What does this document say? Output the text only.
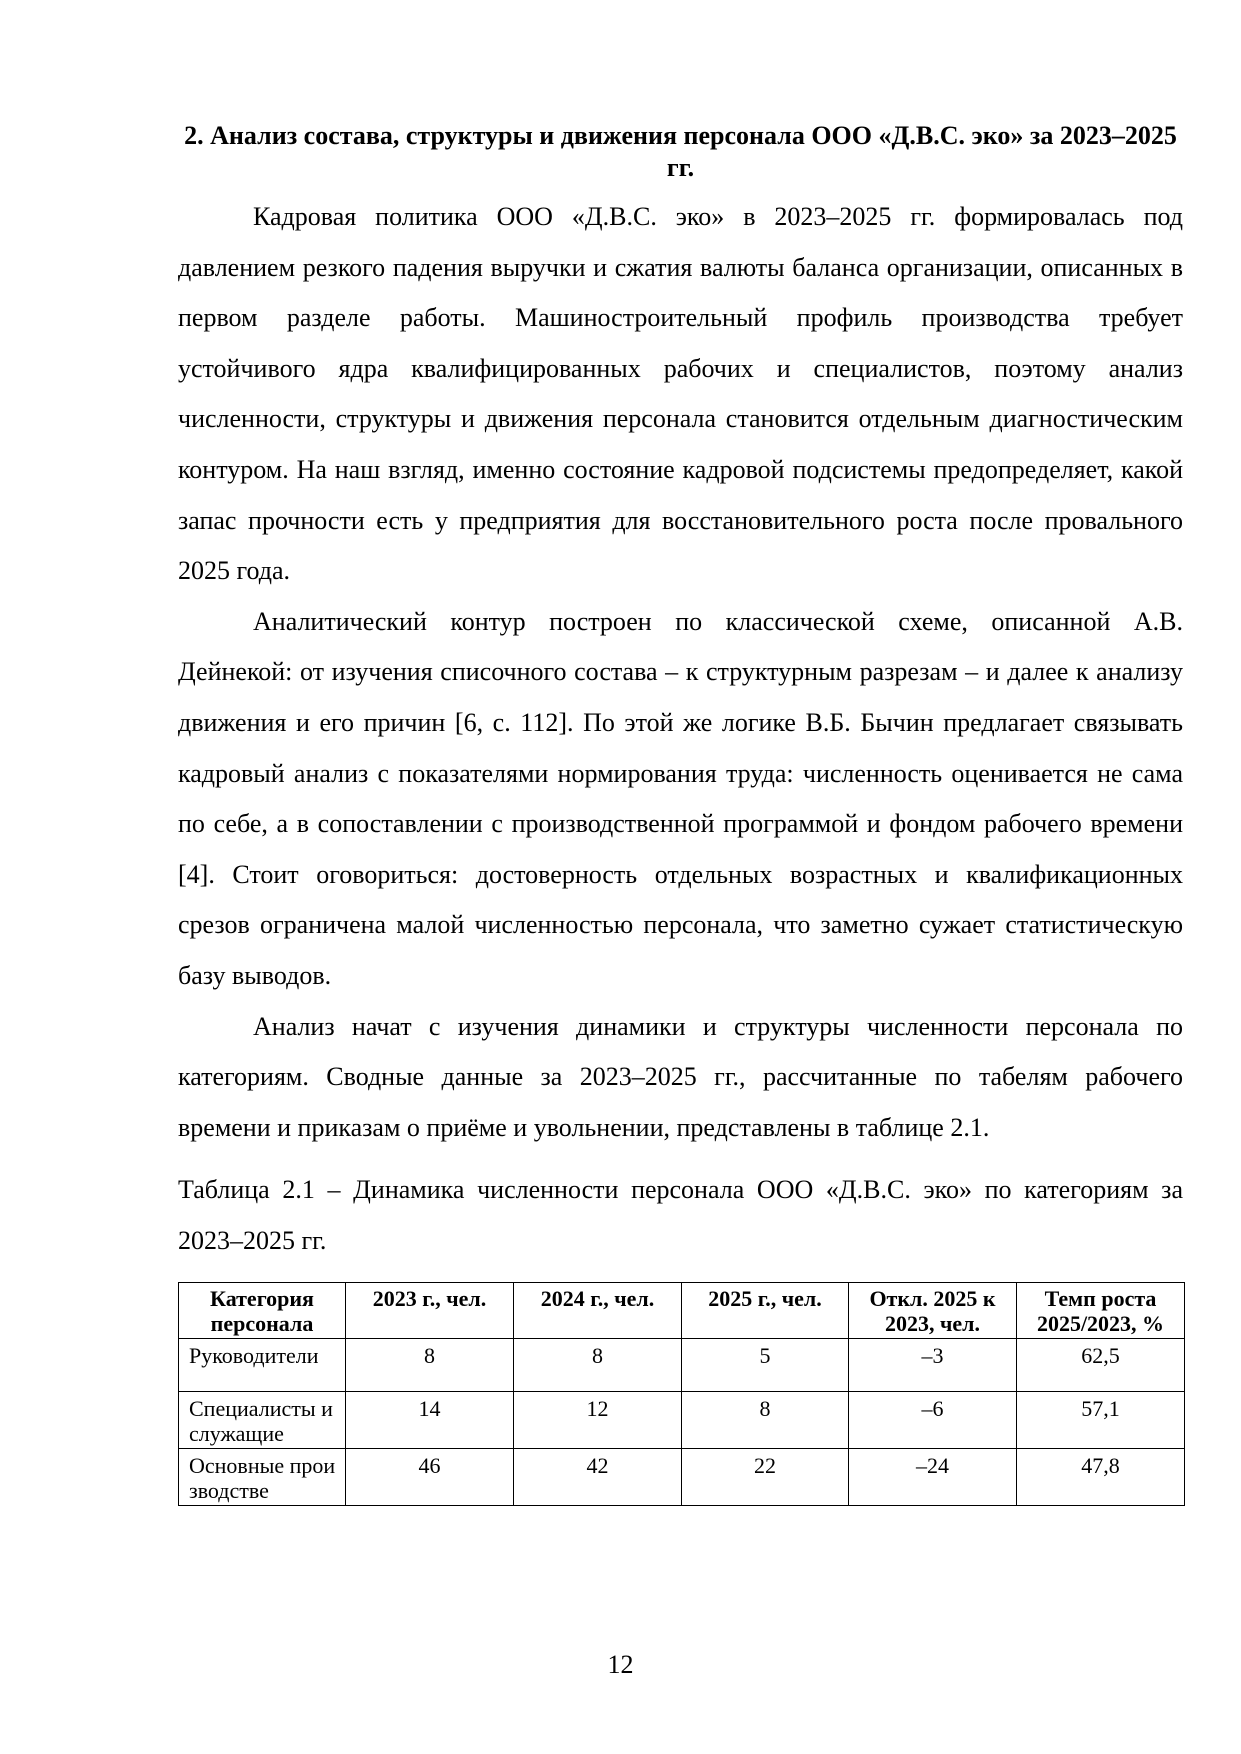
2. Анализ состава, структуры и движения персонала ООО «Д.В.С. эко» за 2023–2025 гг.

Кадровая политика ООО «Д.В.С. эко» в 2023–2025 гг. формировалась под давлением резкого падения выручки и сжатия валюты баланса организации, описанных в первом разделе работы. Машиностроительный профиль производства требует устойчивого ядра квалифицированных рабочих и специалистов, поэтому анализ численности, структуры и движения персонала становится отдельным диагностическим контуром. На наш взгляд, именно состояние кадровой подсистемы предопределяет, какой запас прочности есть у предприятия для восстановительного роста после провального 2025 года.

Аналитический контур построен по классической схеме, описанной А.В. Дейнекой: от изучения списочного состава – к структурным разрезам – и далее к анализу движения и его причин [6, с. 112]. По этой же логике В.Б. Бычин предлагает связывать кадровый анализ с показателями нормирования труда: численность оценивается не сама по себе, а в сопоставлении с производственной программой и фондом рабочего времени [4]. Стоит оговориться: достоверность отдельных возрастных и квалификационных срезов ограничена малой численностью персонала, что заметно сужает статистическую базу выводов.

Анализ начат с изучения динамики и структуры численности персонала по категориям. Сводные данные за 2023–2025 гг., рассчитанные по табелям рабочего времени и приказам о приёме и увольнении, представлены в таблице 2.1.

Таблица 2.1 – Динамика численности персонала ООО «Д.В.С. эко» по категориям за 2023–2025 гг.

Категория персонала	2023 г., чел.	2024 г., чел.	2025 г., чел.	Откл. 2025 к 2023, чел.	Темп роста 2025/2023, %
Руководители	8	8	5	–3	62,5
Специалисты и служащие	14	12	8	–6	57,1
Основные производстве	46	42	22	–24	47,8
12
